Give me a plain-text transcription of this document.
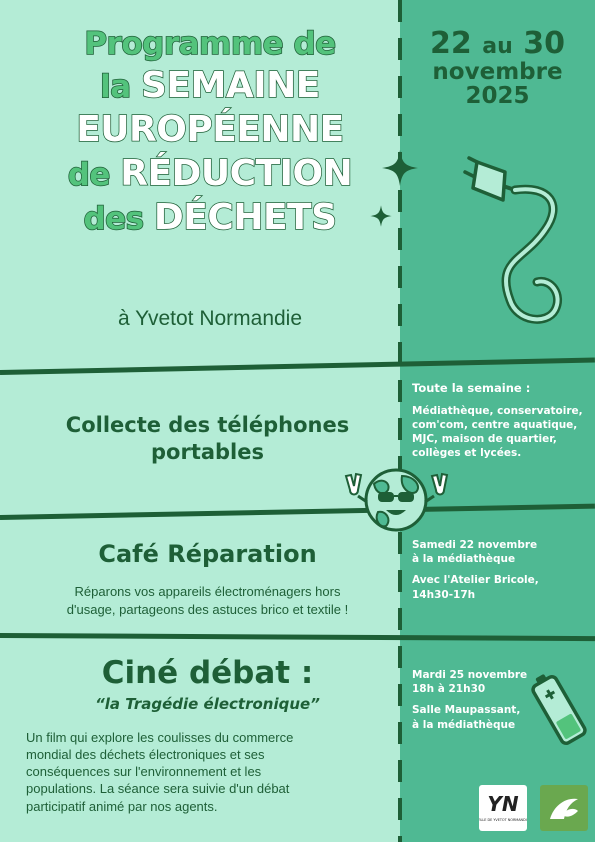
Programme de
la SEMAINE
EUROPÉENNE
de RÉDUCTION
des DÉCHETS
à Yvetot Normandie
22 au 30
novembre
2025
Collecte des téléphones
portables

Toute la semaine :

Médiathèque, conservatoire, com'com, centre aquatique, MJC, maison de quartier, collèges et lycées.

Café Réparation
Réparons vos appareils électroménagers hors
d'usage, partageons des astuces brico et textile !

Samedi 22 novembre
à la médiathèque

Avec l'Atelier Bricole,
14h30-17h

Ciné débat :
“la Tragédie électronique”
Un film qui explore les coulisses du commerce
mondial des déchets électroniques et ses
conséquences sur l'environnement et les
populations. La séance sera suivie d'un débat
participatif animé par nos agents.

Mardi 25 novembre
18h à 21h30

Salle Maupassant,
à la médiathèque

YN
VILLE DE YVETOT NORMANDIE
